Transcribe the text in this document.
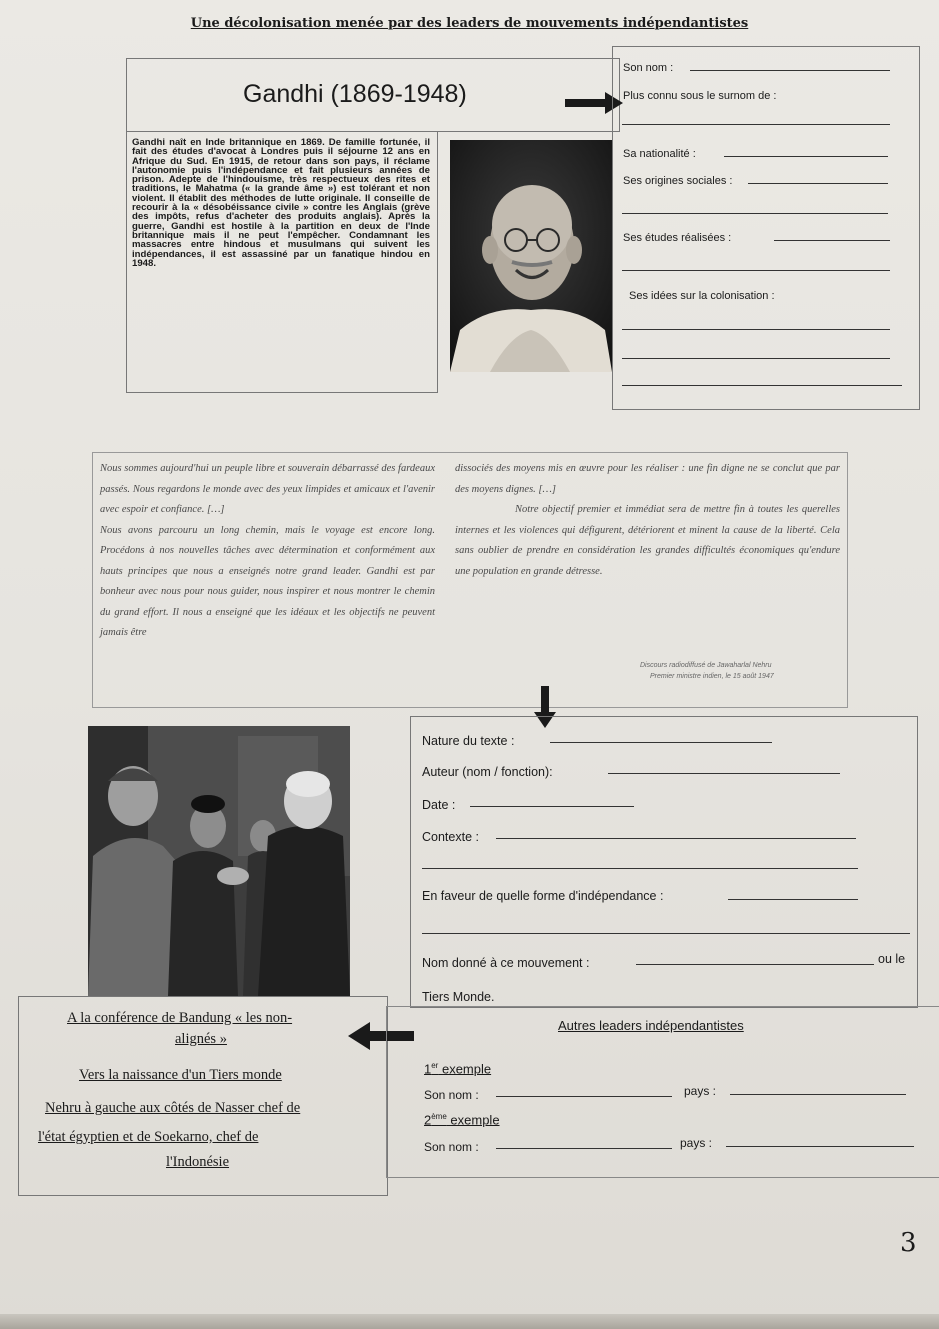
Une décolonisation menée par des leaders de mouvements indépendantistes
Gandhi (1869-1948)

Gandhi naît en Inde britannique en 1869. De famille fortunée, il fait des études d'avocat à Londres puis il séjourne 12 ans en Afrique du Sud. En 1915, de retour dans son pays, il réclame l'autonomie puis l'indépendance et fait plusieurs années de prison. Adepte de l'hindouisme, très respectueux des rites et traditions, le Mahatma (« la grande âme ») est tolérant et non violent. Il établit des méthodes de lutte originale. Il conseille de recourir à la « désobéissance civile » contre les Anglais (grève des impôts, refus d'acheter des produits anglais). Après la guerre, Gandhi est hostile à la partition en deux de l'Inde britannique mais il ne peut l'empêcher. Condamnant les massacres entre hindous et musulmans qui suivent les indépendances, il est assassiné par un fanatique hindou en 1948.

Son nom :
Plus connu sous le surnom de :
Sa nationalité :
Ses origines sociales :
Ses études réalisées :
Ses idées sur la colonisation :

Nous sommes aujourd'hui un peuple libre et souverain débarrassé des fardeaux passés. Nous regardons le monde avec des yeux limpides et amicaux et l'avenir avec espoir et confiance. […]

Nous avons parcouru un long chemin, mais le voyage est encore long. Procédons à nos nouvelles tâches avec détermination et conformément aux hauts principes que nous a enseignés notre grand leader. Gandhi est par bonheur avec nous pour nous guider, nous inspirer et nous montrer le chemin du grand effort. Il nous a enseigné que les idéaux et les objectifs ne peuvent jamais être

dissociés des moyens mis en œuvre pour les réaliser : une fin digne ne se conclut que par des moyens dignes. […]

Notre objectif premier et immédiat sera de mettre fin à toutes les querelles internes et les violences qui défigurent, détériorent et minent la cause de la liberté. Cela sans oublier de prendre en considération les grandes difficultés économiques qu'endure une population en grande détresse.

Discours radiodiffusé de Jawaharlal Nehru
Premier ministre indien, le 15 août 1947
Nature du texte :
Auteur (nom / fonction):
Date :
Contexte :
En faveur de quelle forme d'indépendance :
Nom donné à ce mouvement :	ou le
Tiers Monde.
A la conférence de Bandung « les non-
alignés »
Vers la naissance d'un Tiers monde
Nehru à gauche aux côtés de Nasser chef de
l'état égyptien et de Soekarno, chef de
l'Indonésie
Autres leaders indépendantistes
1er exemple
Son nom :	pays :
2ème exemple
Son nom :	pays :
3
